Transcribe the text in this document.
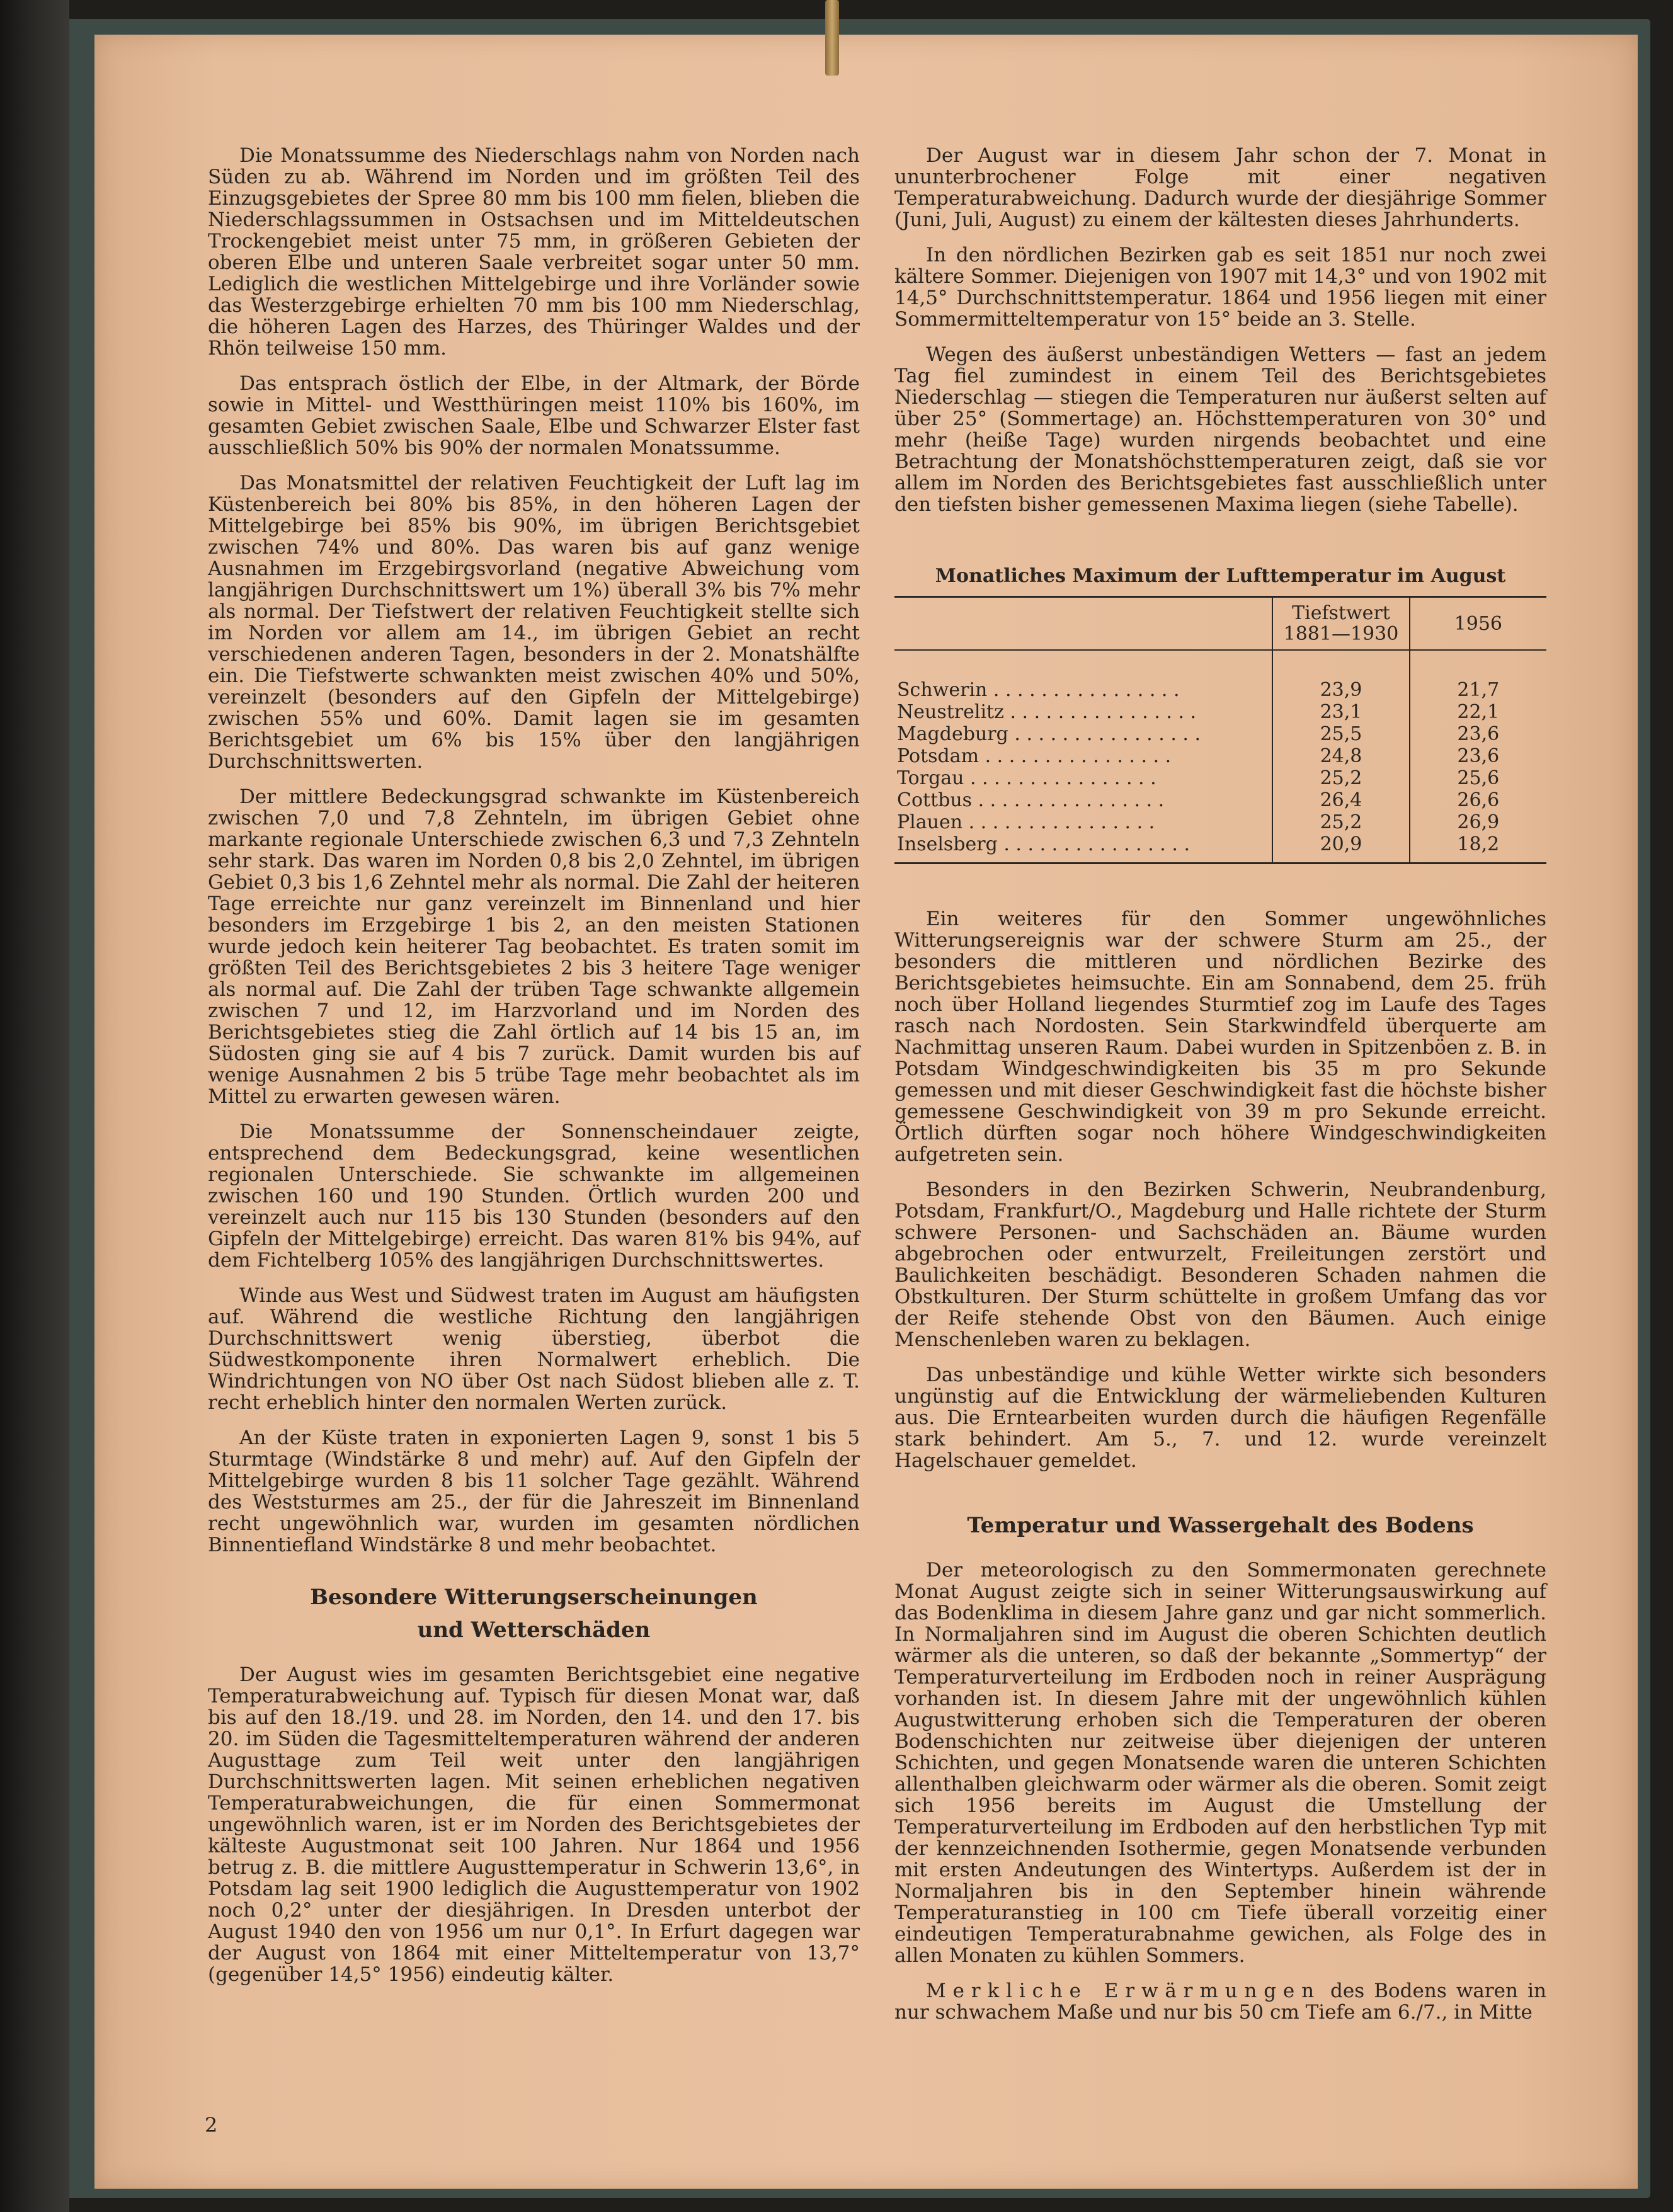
Die Monatssumme des Niederschlags nahm von Norden nach Süden zu ab. Während im Norden und im größten Teil des Einzugsgebietes der Spree 80 mm bis 100 mm fielen, blieben die Niederschlagssummen in Ostsachsen und im Mitteldeutschen Trockengebiet meist unter 75 mm, in größeren Gebieten der oberen Elbe und unteren Saale verbreitet sogar unter 50 mm. Lediglich die westlichen Mittelgebirge und ihre Vorländer sowie das Westerzgebirge erhielten 70 mm bis 100 mm Niederschlag, die höheren Lagen des Harzes, des Thüringer Waldes und der Rhön teilweise 150 mm.

Das entsprach östlich der Elbe, in der Altmark, der Börde sowie in Mittel- und Westthüringen meist 110% bis 160%, im gesamten Gebiet zwischen Saale, Elbe und Schwarzer Elster fast ausschließlich 50% bis 90% der normalen Monatssumme.

Das Monatsmittel der relativen Feuchtigkeit der Luft lag im Küstenbereich bei 80% bis 85%, in den höheren Lagen der Mittelgebirge bei 85% bis 90%, im übrigen Berichtsgebiet zwischen 74% und 80%. Das waren bis auf ganz wenige Ausnahmen im Erzgebirgsvorland (negative Abweichung vom langjährigen Durchschnittswert um 1%) überall 3% bis 7% mehr als normal. Der Tiefstwert der relativen Feuchtigkeit stellte sich im Norden vor allem am 14., im übrigen Gebiet an recht verschiedenen anderen Tagen, besonders in der 2. Monatshälfte ein. Die Tiefstwerte schwankten meist zwischen 40% und 50%, vereinzelt (besonders auf den Gipfeln der Mittelgebirge) zwischen 55% und 60%. Damit lagen sie im gesamten Berichtsgebiet um 6% bis 15% über den langjährigen Durchschnittswerten.

Der mittlere Bedeckungsgrad schwankte im Küstenbereich zwischen 7,0 und 7,8 Zehnteln, im übrigen Gebiet ohne markante regionale Unterschiede zwischen 6,3 und 7,3 Zehnteln sehr stark. Das waren im Norden 0,8 bis 2,0 Zehntel, im übrigen Gebiet 0,3 bis 1,6 Zehntel mehr als normal. Die Zahl der heiteren Tage erreichte nur ganz vereinzelt im Binnenland und hier besonders im Erzgebirge 1 bis 2, an den meisten Stationen wurde jedoch kein heiterer Tag beobachtet. Es traten somit im größten Teil des Berichtsgebietes 2 bis 3 heitere Tage weniger als normal auf. Die Zahl der trüben Tage schwankte allgemein zwischen 7 und 12, im Harzvorland und im Norden des Berichtsgebietes stieg die Zahl örtlich auf 14 bis 15 an, im Südosten ging sie auf 4 bis 7 zurück. Damit wurden bis auf wenige Ausnahmen 2 bis 5 trübe Tage mehr beobachtet als im Mittel zu erwarten gewesen wären.

Die Monatssumme der Sonnenscheindauer zeigte, entsprechend dem Bedeckungsgrad, keine wesentlichen regionalen Unterschiede. Sie schwankte im allgemeinen zwischen 160 und 190 Stunden. Örtlich wurden 200 und vereinzelt auch nur 115 bis 130 Stunden (besonders auf den Gipfeln der Mittelgebirge) erreicht. Das waren 81% bis 94%, auf dem Fichtelberg 105% des langjährigen Durchschnittswertes.

Winde aus West und Südwest traten im August am häufigsten auf. Während die westliche Richtung den langjährigen Durchschnittswert wenig überstieg, überbot die Südwestkomponente ihren Normalwert erheblich. Die Windrichtungen von NO über Ost nach Südost blieben alle z. T. recht erheblich hinter den normalen Werten zurück.

An der Küste traten in exponierten Lagen 9, sonst 1 bis 5 Sturmtage (Windstärke 8 und mehr) auf. Auf den Gipfeln der Mittelgebirge wurden 8 bis 11 solcher Tage gezählt. Während des Weststurmes am 25., der für die Jahreszeit im Binnenland recht ungewöhnlich war, wurden im gesamten nördlichen Binnentiefland Windstärke 8 und mehr beobachtet.

Besondere Witterungserscheinungen
und Wetterschäden

Der August wies im gesamten Berichtsgebiet eine negative Temperaturabweichung auf. Typisch für diesen Monat war, daß bis auf den 18./19. und 28. im Norden, den 14. und den 17. bis 20. im Süden die Tagesmitteltemperaturen während der anderen Augusttage zum Teil weit unter den langjährigen Durchschnittswerten lagen. Mit seinen erheblichen negativen Temperaturabweichungen, die für einen Sommermonat ungewöhnlich waren, ist er im Norden des Berichtsgebietes der kälteste Augustmonat seit 100 Jahren. Nur 1864 und 1956 betrug z. B. die mittlere Augusttemperatur in Schwerin 13,6°, in Potsdam lag seit 1900 lediglich die Augusttemperatur von 1902 noch 0,2° unter der diesjährigen. In Dresden unterbot der August 1940 den von 1956 um nur 0,1°. In Erfurt dagegen war der August von 1864 mit einer Mitteltemperatur von 13,7° (gegenüber 14,5° 1956) eindeutig kälter.

Der August war in diesem Jahr schon der 7. Monat in ununterbrochener Folge mit einer negativen Temperaturabweichung. Dadurch wurde der diesjährige Sommer (Juni, Juli, August) zu einem der kältesten dieses Jahrhunderts.

In den nördlichen Bezirken gab es seit 1851 nur noch zwei kältere Sommer. Diejenigen von 1907 mit 14,3° und von 1902 mit 14,5° Durchschnittstemperatur. 1864 und 1956 liegen mit einer Sommermitteltemperatur von 15° beide an 3. Stelle.

Wegen des äußerst unbeständigen Wetters — fast an jedem Tag fiel zumindest in einem Teil des Berichtsgebietes Niederschlag — stiegen die Temperaturen nur äußerst selten auf über 25° (Sommertage) an. Höchsttemperaturen von 30° und mehr (heiße Tage) wurden nirgends beobachtet und eine Betrachtung der Monatshöchsttemperaturen zeigt, daß sie vor allem im Norden des Berichtsgebietes fast ausschließlich unter den tiefsten bisher gemessenen Maxima liegen (siehe Tabelle).

Monatliches Maximum der Lufttemperatur im August

	Tiefstwert
1881—1930	1956
Schwerin . . . . . . . . . . . . . . . .	23,9	21,7
Neustrelitz . . . . . . . . . . . . . . . .	23,1	22,1
Magdeburg . . . . . . . . . . . . . . . .	25,5	23,6
Potsdam . . . . . . . . . . . . . . . .	24,8	23,6
Torgau . . . . . . . . . . . . . . . .	25,2	25,6
Cottbus . . . . . . . . . . . . . . . .	26,4	26,6
Plauen . . . . . . . . . . . . . . . .	25,2	26,9
Inselsberg . . . . . . . . . . . . . . . .	20,9	18,2

Ein weiteres für den Sommer ungewöhnliches Witterungsereignis war der schwere Sturm am 25., der besonders die mittleren und nördlichen Bezirke des Berichtsgebietes heimsuchte. Ein am Sonnabend, dem 25. früh noch über Holland liegendes Sturmtief zog im Laufe des Tages rasch nach Nordosten. Sein Starkwindfeld überquerte am Nachmittag unseren Raum. Dabei wurden in Spitzenböen z. B. in Potsdam Windgeschwindigkeiten bis 35 m pro Sekunde gemessen und mit dieser Geschwindigkeit fast die höchste bisher gemessene Geschwindigkeit von 39 m pro Sekunde erreicht. Örtlich dürften sogar noch höhere Windgeschwindigkeiten aufgetreten sein.

Besonders in den Bezirken Schwerin, Neubrandenburg, Potsdam, Frankfurt/O., Magdeburg und Halle richtete der Sturm schwere Personen- und Sachschäden an. Bäume wurden abgebrochen oder entwurzelt, Freileitungen zerstört und Baulichkeiten beschädigt. Besonderen Schaden nahmen die Obstkulturen. Der Sturm schüttelte in großem Umfang das vor der Reife stehende Obst von den Bäumen. Auch einige Menschenleben waren zu beklagen.

Das unbeständige und kühle Wetter wirkte sich besonders ungünstig auf die Entwicklung der wärmeliebenden Kulturen aus. Die Erntearbeiten wurden durch die häufigen Regenfälle stark behindert. Am 5., 7. und 12. wurde vereinzelt Hagelschauer gemeldet.

Temperatur und Wassergehalt des Bodens

Der meteorologisch zu den Sommermonaten gerechnete Monat August zeigte sich in seiner Witterungsauswirkung auf das Bodenklima in diesem Jahre ganz und gar nicht sommerlich. In Normaljahren sind im August die oberen Schichten deutlich wärmer als die unteren, so daß der bekannte „Sommertyp“ der Temperaturverteilung im Erdboden noch in reiner Ausprägung vorhanden ist. In diesem Jahre mit der ungewöhnlich kühlen Augustwitterung erhoben sich die Temperaturen der oberen Bodenschichten nur zeitweise über diejenigen der unteren Schichten, und gegen Monatsende waren die unteren Schichten allenthalben gleichwarm oder wärmer als die oberen. Somit zeigt sich 1956 bereits im August die Umstellung der Temperaturverteilung im Erdboden auf den herbstlichen Typ mit der kennzeichnenden Isothermie, gegen Monatsende verbunden mit ersten Andeutungen des Wintertyps. Außerdem ist der in Normaljahren bis in den September hinein währende Temperaturanstieg in 100 cm Tiefe überall vorzeitig einer eindeutigen Temperaturabnahme gewichen, als Folge des in allen Monaten zu kühlen Sommers.

Merkliche Erwärmungen des Bodens waren in nur schwachem Maße und nur bis 50 cm Tiefe am 6./7., in Mitte

2
